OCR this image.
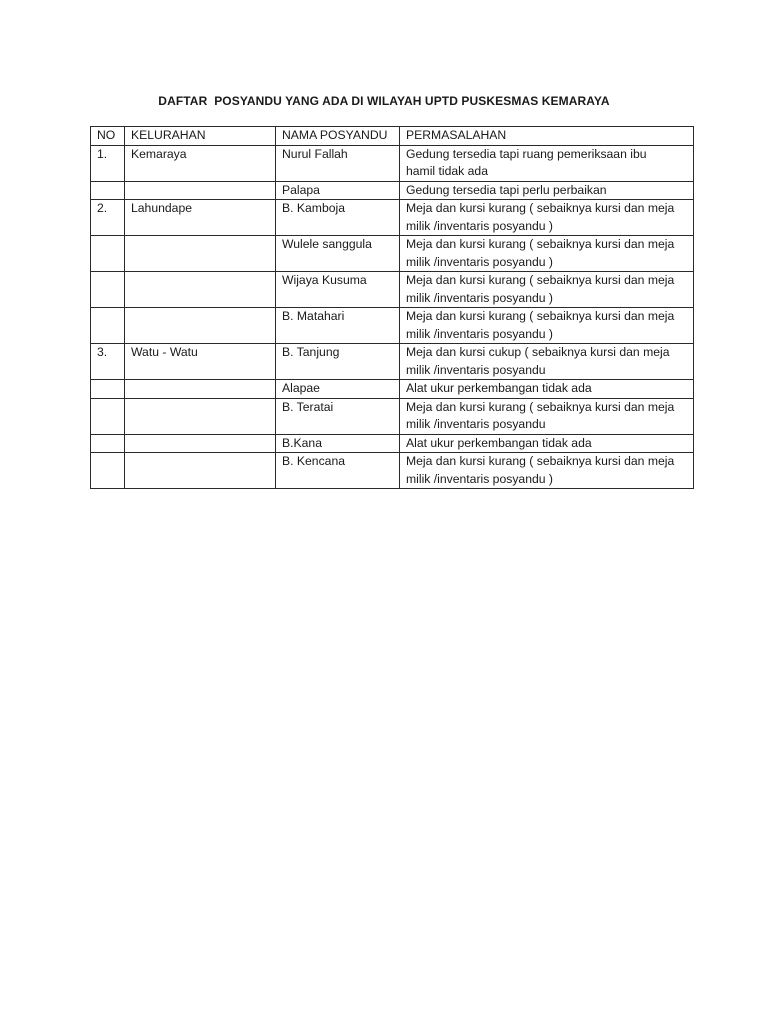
DAFTAR  POSYANDU YANG ADA DI WILAYAH UPTD PUSKESMAS KEMARAYA
NO	KELURAHAN	NAMA POSYANDU	PERMASALAHAN
1.	Kemaraya	Nurul Fallah	Gedung tersedia tapi ruang pemeriksaan ibu
hamil tidak ada
		Palapa	Gedung tersedia tapi perlu perbaikan
2.	Lahundape	B. Kamboja	Meja dan kursi kurang ( sebaiknya kursi dan meja
milik /inventaris posyandu )
		Wulele sanggula	Meja dan kursi kurang ( sebaiknya kursi dan meja
milik /inventaris posyandu )
		Wijaya Kusuma	Meja dan kursi kurang ( sebaiknya kursi dan meja
milik /inventaris posyandu )
		B. Matahari	Meja dan kursi kurang ( sebaiknya kursi dan meja
milik /inventaris posyandu )
3.	Watu - Watu	B. Tanjung	Meja dan kursi cukup ( sebaiknya kursi dan meja
milik /inventaris posyandu
		Alapae	Alat ukur perkembangan tidak ada
		B. Teratai	Meja dan kursi kurang ( sebaiknya kursi dan meja
milik /inventaris posyandu
		B.Kana	Alat ukur perkembangan tidak ada
		B. Kencana	Meja dan kursi kurang ( sebaiknya kursi dan meja
milik /inventaris posyandu )
